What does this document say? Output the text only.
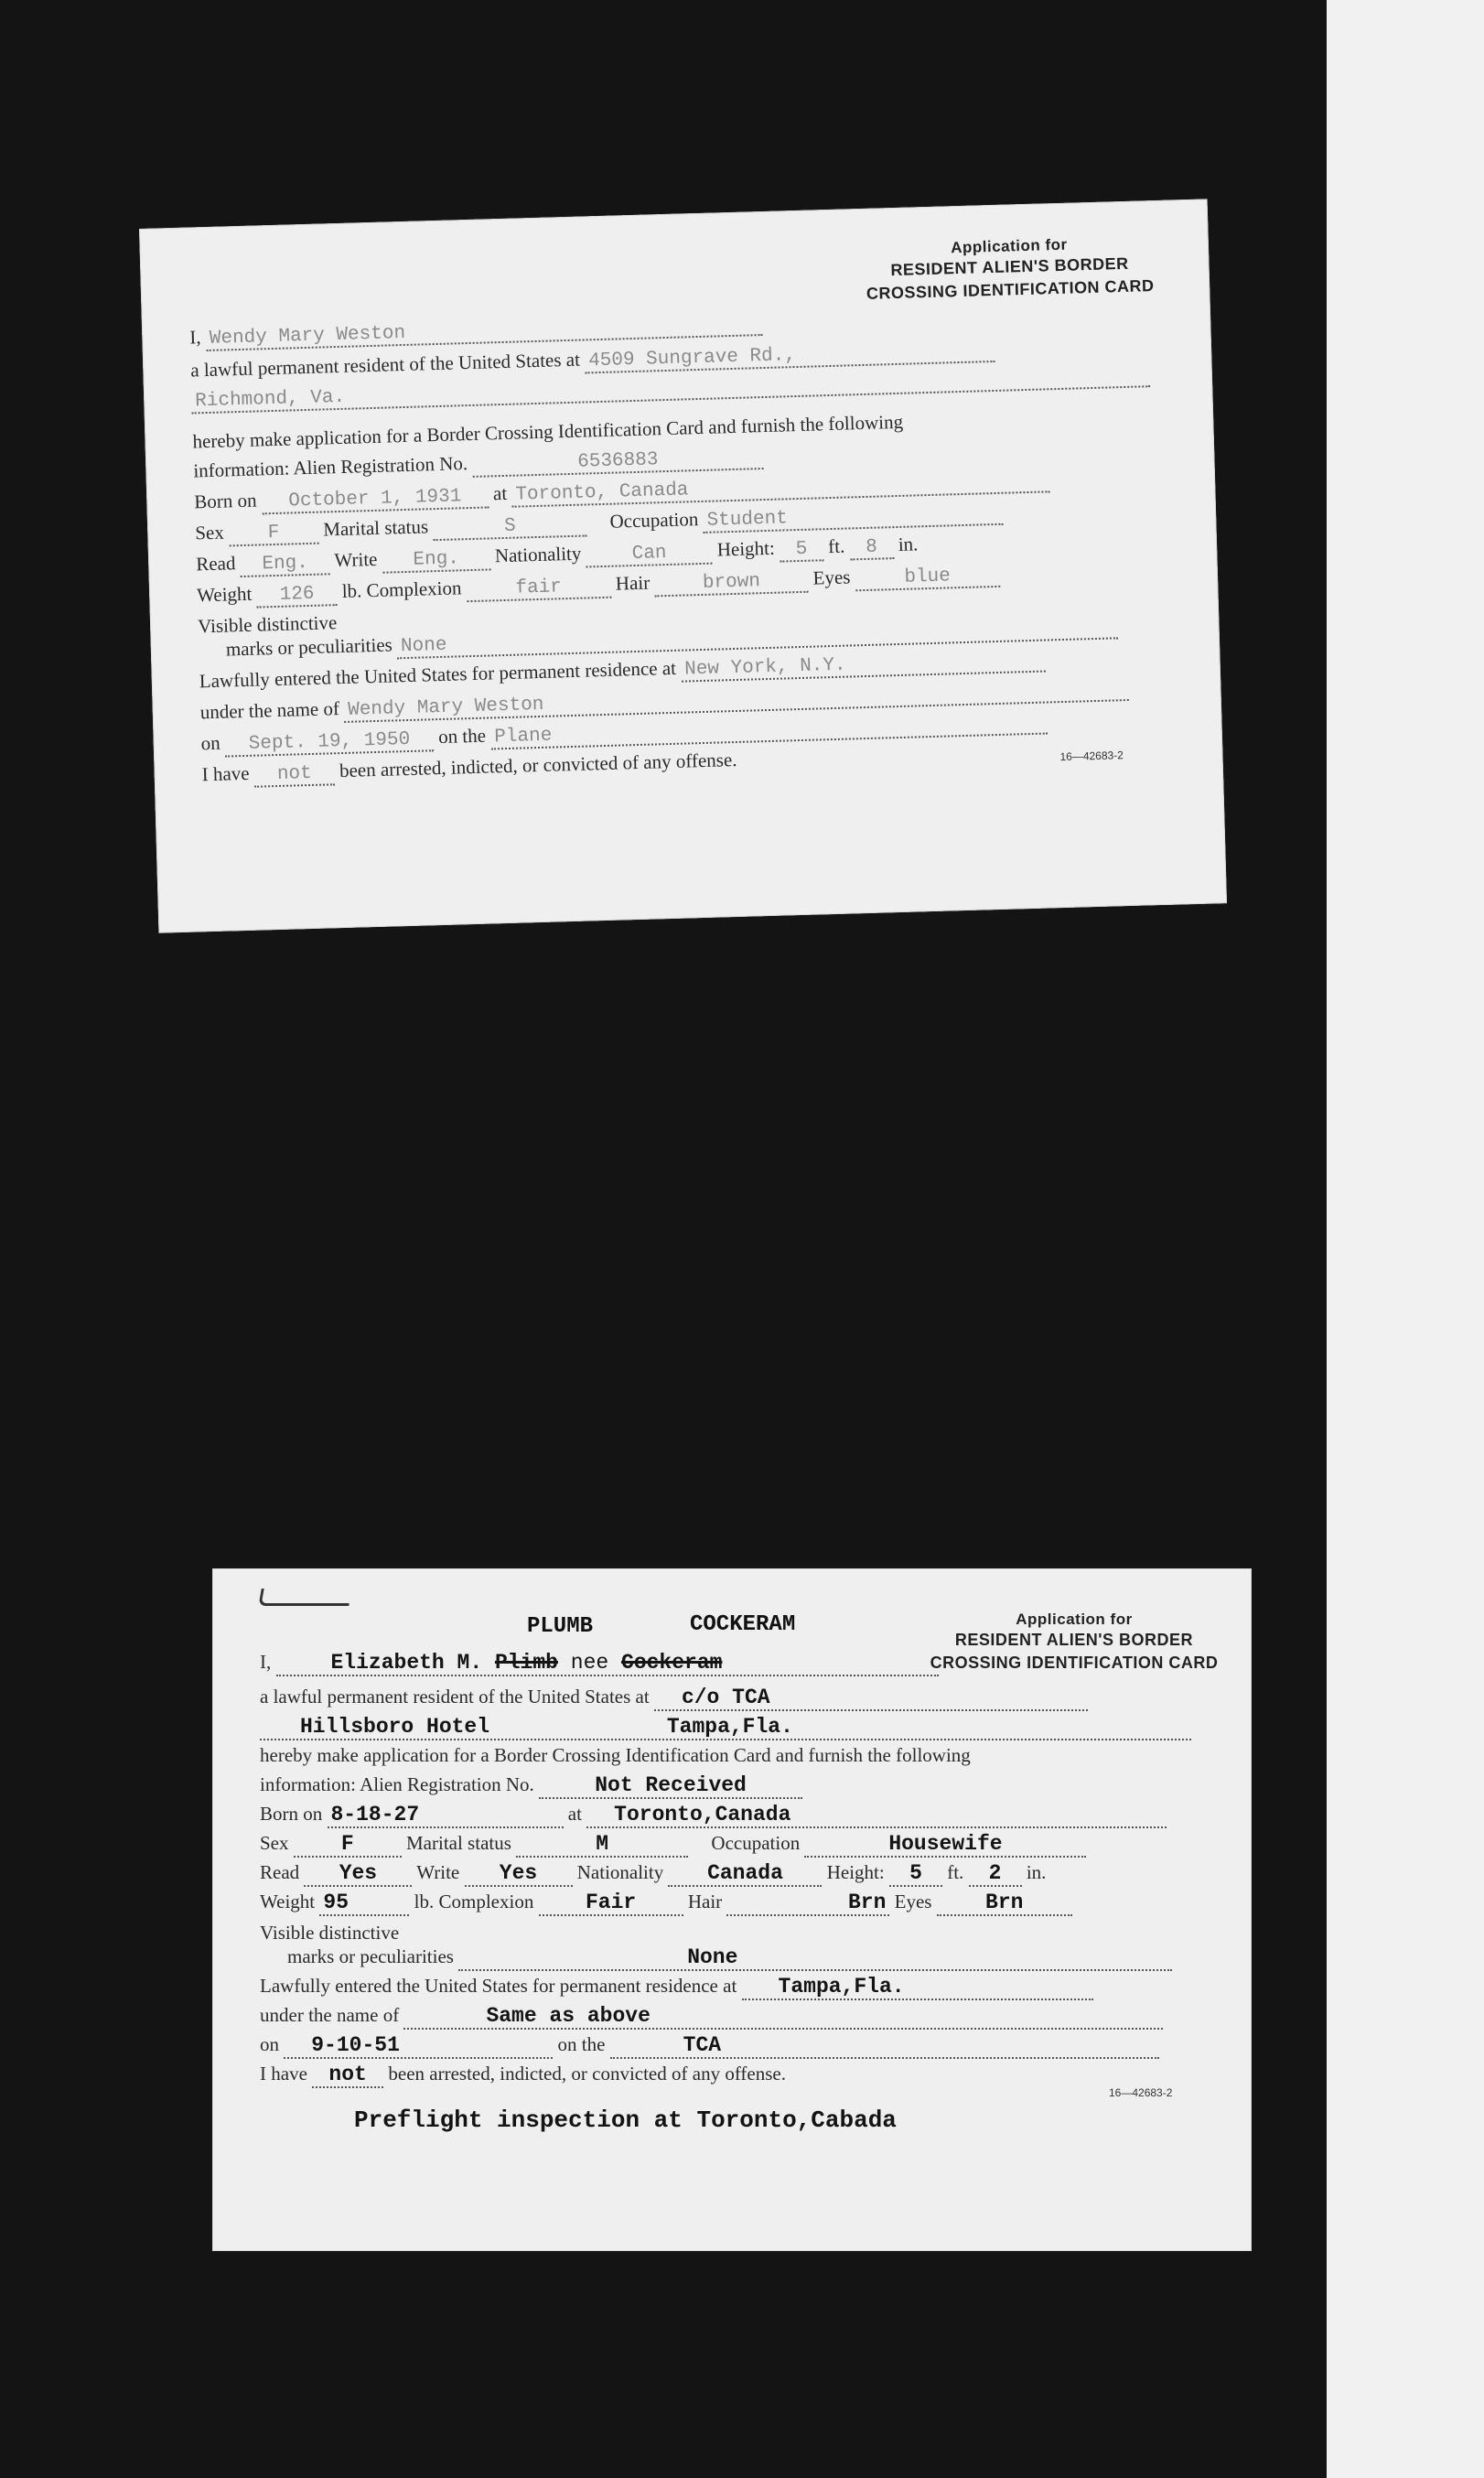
Application for
RESIDENT ALIEN'S BORDER
CROSSING IDENTIFICATION CARD
I, Wendy Mary Weston
a lawful permanent resident of the United States at 4509 Sungrave Rd.,
Richmond, Va.
hereby make application for a Border Crossing Identification Card and furnish the following
information: Alien Registration No.	6536883
Born on October 1, 1931 at Toronto, Canada
Sex F Marital status	S	Occupation Student
Read Eng. Write Eng. Nationality	Can	Height: 5 ft. 8 in.
Weight 126 lb. Complexion	fair	Hair	brown	Eyes	blue
Visible distinctive
marks or peculiarities None
Lawfully entered the United States for permanent residence at New York, N.Y.
under the name of Wendy Mary Weston
on Sept. 19, 1950 on the Plane
I have not been arrested, indicted, or convicted of any offense.	16—42683-2
Application for
RESIDENT ALIEN'S BORDER
CROSSING IDENTIFICATION CARD
PLUMB	COCKERAM
I,	Elizabeth M. Plimb nee Cockeram
a lawful permanent resident of the United States at c/o TCA
Hillsboro Hotel	Tampa,Fla.
hereby make application for a Border Crossing Identification Card and furnish the following
information: Alien Registration No.	Not Received
Born on 8-18-27	at Toronto,Canada
Sex F	Marital status	M	Occupation	Housewife
Read Yes Write Yes Nationality Canada Height: 5 ft. 2 in.
Weight 95	lb. Complexion Fair	Hair	Brn Eyes	Brn
Visible distinctive
marks or peculiarities	None
Lawfully entered the United States for permanent residence at Tampa,Fla.
under the name of	Same as above
on 9-10-51	on the	TCA
I have not been arrested, indicted, or convicted of any offense.
16—42683-2
Preflight inspection at Toronto,Cabada
